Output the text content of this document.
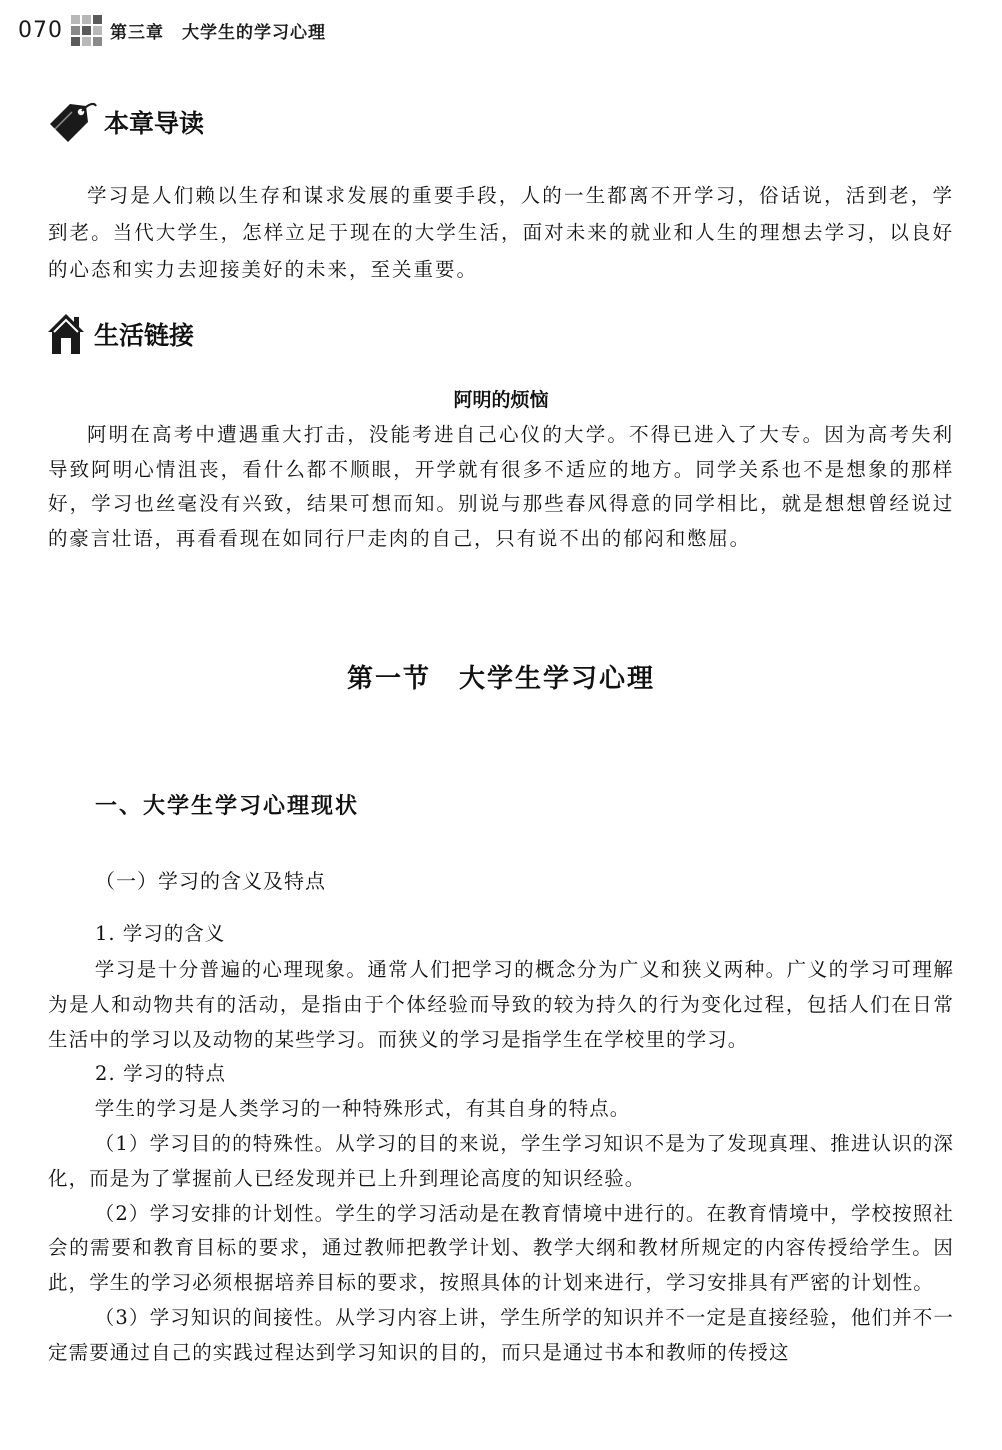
070	第三章　大学生的学习心理
本章导读

学习是人们赖以生存和谋求发展的重要手段，人的一生都离不开学习，俗话说，活到老，学到老。当代大学生，怎样立足于现在的大学生活，面对未来的就业和人生的理想去学习，以良好的心态和实力去迎接美好的未来，至关重要。

生活链接
阿明的烦恼

阿明在高考中遭遇重大打击，没能考进自己心仪的大学。不得已进入了大专。因为高考失利导致阿明心情沮丧，看什么都不顺眼，开学就有很多不适应的地方。同学关系也不是想象的那样好，学习也丝毫没有兴致，结果可想而知。别说与那些春风得意的同学相比，就是想想曾经说过的豪言壮语，再看看现在如同行尸走肉的自己，只有说不出的郁闷和憋屈。

第一节　大学生学习心理
一、大学生学习心理现状
（一）学习的含义及特点
1. 学习的含义

学习是十分普遍的心理现象。通常人们把学习的概念分为广义和狭义两种。广义的学习可理解为是人和动物共有的活动，是指由于个体经验而导致的较为持久的行为变化过程，包括人们在日常生活中的学习以及动物的某些学习。而狭义的学习是指学生在学校里的学习。

2. 学习的特点

学生的学习是人类学习的一种特殊形式，有其自身的特点。

（1）学习目的的特殊性。从学习的目的来说，学生学习知识不是为了发现真理、推进认识的深化，而是为了掌握前人已经发现并已上升到理论高度的知识经验。

（2）学习安排的计划性。学生的学习活动是在教育情境中进行的。在教育情境中，学校按照社会的需要和教育目标的要求，通过教师把教学计划、教学大纲和教材所规定的内容传授给学生。因此，学生的学习必须根据培养目标的要求，按照具体的计划来进行，学习安排具有严密的计划性。

（3）学习知识的间接性。从学习内容上讲，学生所学的知识并不一定是直接经验，他们并不一定需要通过自己的实践过程达到学习知识的目的，而只是通过书本和教师的传授这
